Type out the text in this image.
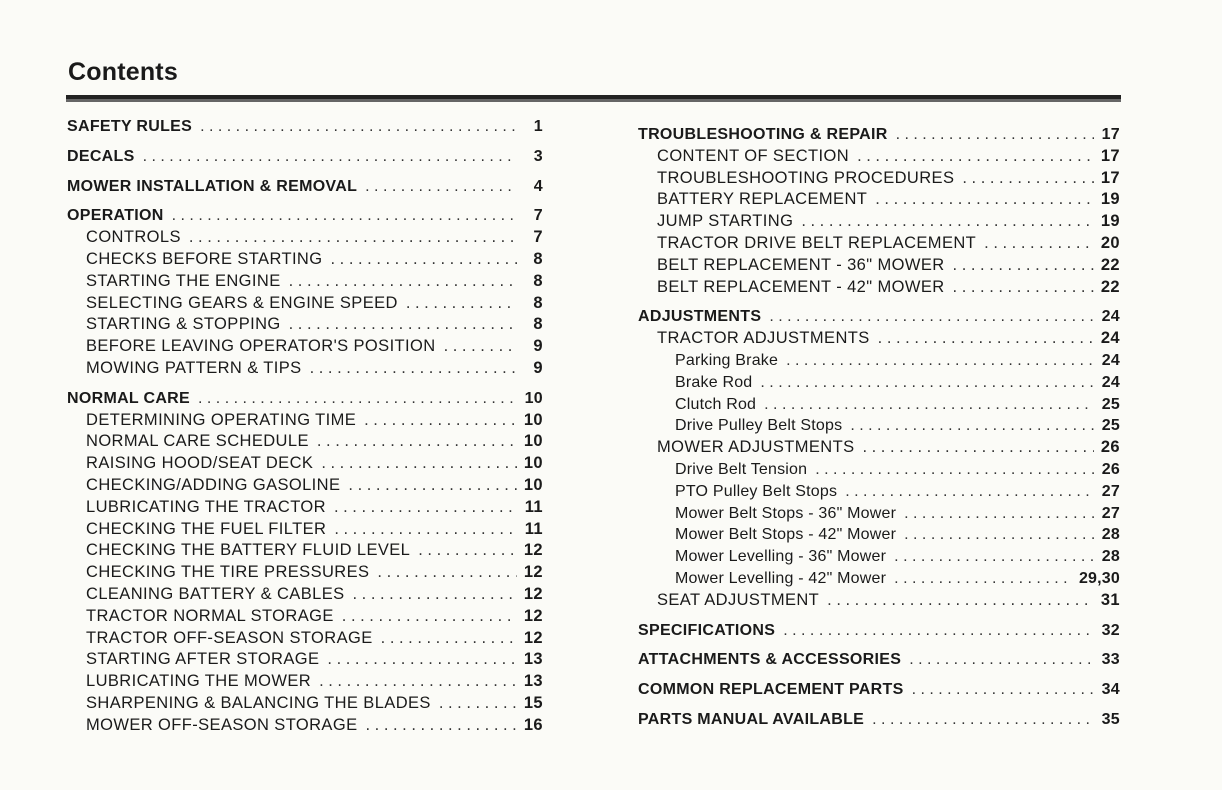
Contents
SAFETY RULES . . .	1
DECALS . . .	3
MOWER INSTALLATION & REMOVAL . . .	4
OPERATION . . .	7
CONTROLS . . .	7
CHECKS BEFORE STARTING . . .	8
STARTING THE ENGINE . . .	8
SELECTING GEARS & ENGINE SPEED . . .	8
STARTING & STOPPING . . .	8
BEFORE LEAVING OPERATOR'S POSITION . . .	9
MOWING PATTERN & TIPS . . .	9
NORMAL CARE . . .	10
DETERMINING OPERATING TIME . . .	10
NORMAL CARE SCHEDULE . . .	10
RAISING HOOD/SEAT DECK . . .	10
CHECKING/ADDING GASOLINE . . .	10
LUBRICATING THE TRACTOR . . .	11
CHECKING THE FUEL FILTER . . .	11
CHECKING THE BATTERY FLUID LEVEL . . .	12
CHECKING THE TIRE PRESSURES . . .	12
CLEANING BATTERY & CABLES . . .	12
TRACTOR NORMAL STORAGE . . .	12
TRACTOR OFF-SEASON STORAGE . . .	12
STARTING AFTER STORAGE . . .	13
LUBRICATING THE MOWER . . .	13
SHARPENING & BALANCING THE BLADES . . .	15
MOWER OFF-SEASON STORAGE . . .	16
TROUBLESHOOTING & REPAIR . . .	17
CONTENT OF SECTION . . .	17
TROUBLESHOOTING PROCEDURES . . .	17
BATTERY REPLACEMENT . . .	19
JUMP STARTING . . .	19
TRACTOR DRIVE BELT REPLACEMENT . . .	20
BELT REPLACEMENT - 36" MOWER . . .	22
BELT REPLACEMENT - 42" MOWER . . .	22
ADJUSTMENTS . . .	24
TRACTOR ADJUSTMENTS . . .	24
Parking Brake . . .	24
Brake Rod . . .	24
Clutch Rod . . .	25
Drive Pulley Belt Stops . . .	25
MOWER ADJUSTMENTS . . .	26
Drive Belt Tension . . .	26
PTO Pulley Belt Stops . . .	27
Mower Belt Stops - 36" Mower . . .	27
Mower Belt Stops - 42" Mower . . .	28
Mower Levelling - 36" Mower . . .	28
Mower Levelling - 42" Mower . . .	29,30
SEAT ADJUSTMENT . . .	31
SPECIFICATIONS . . .	32
ATTACHMENTS & ACCESSORIES . . .	33
COMMON REPLACEMENT PARTS . . .	34
PARTS MANUAL AVAILABLE . . .	35
